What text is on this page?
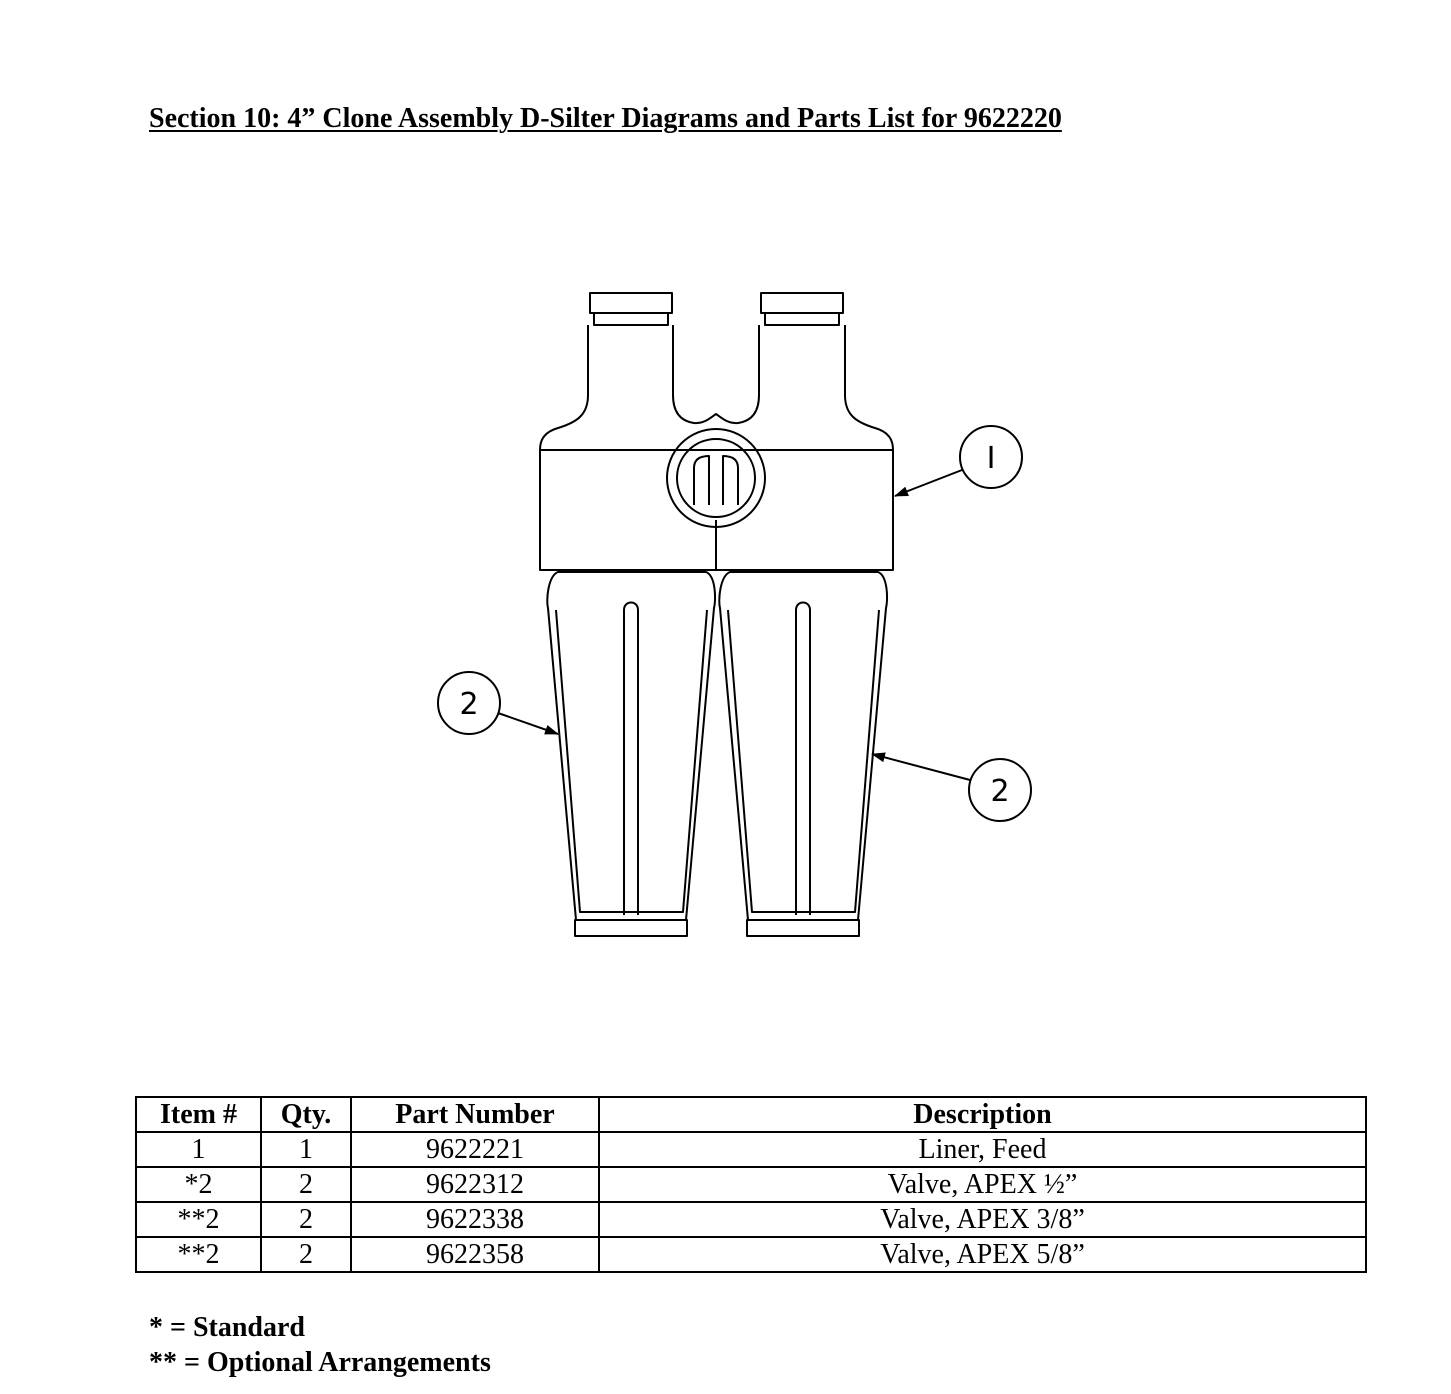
Section 10: 4” Clone Assembly D-Silter Diagrams and Parts List for 9622220
I
2
2
Item #	Qty.	Part Number	Description
1	1	9622221	Liner, Feed
*2	2	9622312	Valve, APEX ½”
**2	2	9622338	Valve, APEX 3/8”
**2	2	9622358	Valve, APEX 5/8”
* = Standard
** = Optional Arrangements
